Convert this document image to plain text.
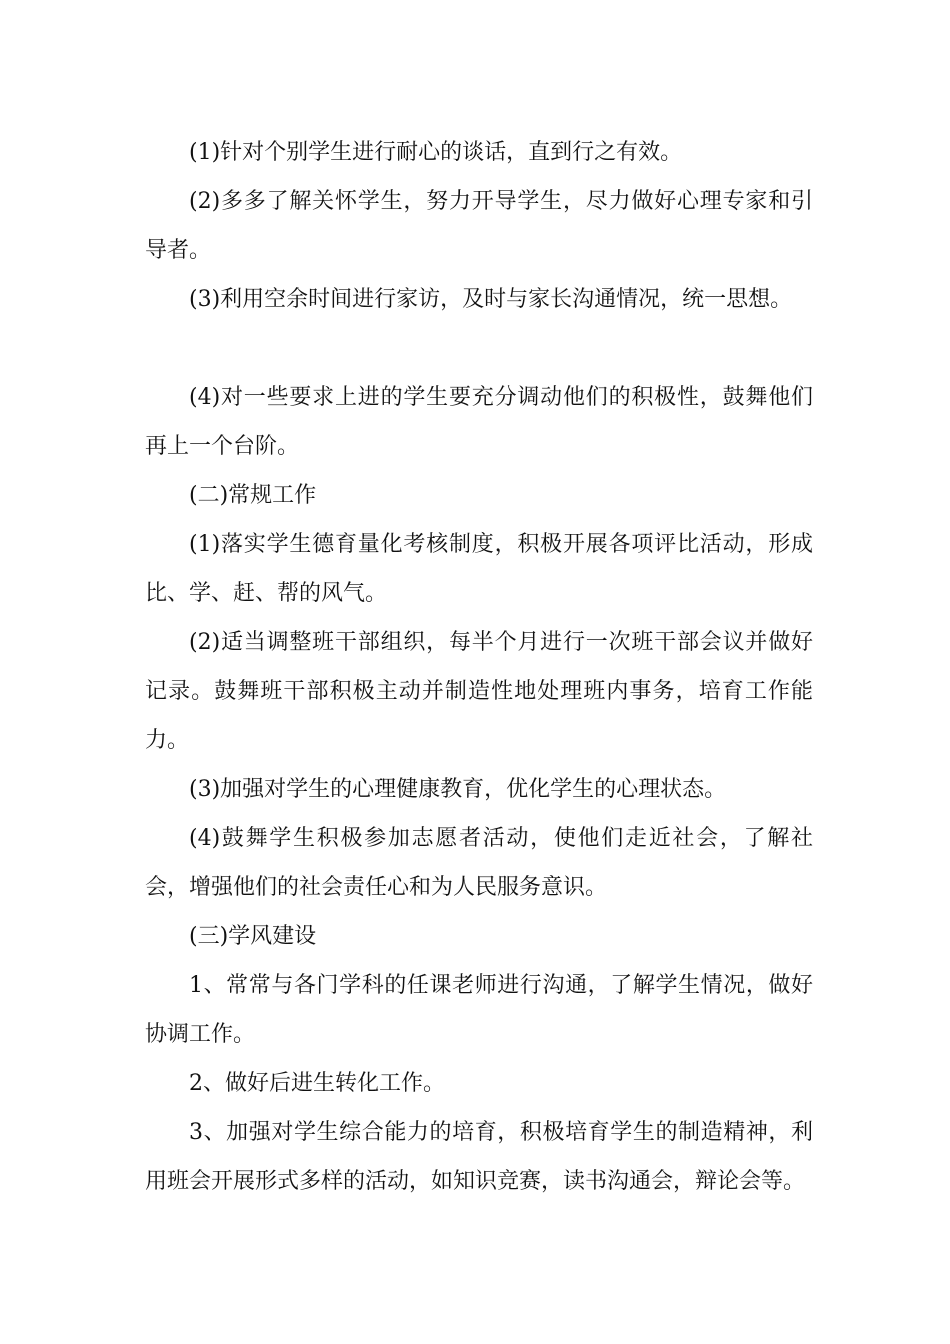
(1)针对个别学生进行耐心的谈话，直到行之有效。

(2)多多了解关怀学生，努力开导学生，尽力做好心理专家和引导者。

(3)利用空余时间进行家访，及时与家长沟通情况，统一思想。

(4)对一些要求上进的学生要充分调动他们的积极性，鼓舞他们再上一个台阶。

(二)常规工作

(1)落实学生德育量化考核制度，积极开展各项评比活动，形成比、学、赶、帮的风气。

(2)适当调整班干部组织，每半个月进行一次班干部会议并做好记录。鼓舞班干部积极主动并制造性地处理班内事务，培育工作能力。

(3)加强对学生的心理健康教育，优化学生的心理状态。

(4)鼓舞学生积极参加志愿者活动，使他们走近社会，了解社会，增强他们的社会责任心和为人民服务意识。

(三)学风建设

1、常常与各门学科的任课老师进行沟通，了解学生情况，做好协调工作。

2、做好后进生转化工作。

3、加强对学生综合能力的培育，积极培育学生的制造精神，利用班会开展形式多样的活动，如知识竞赛，读书沟通会，辩论会等。
